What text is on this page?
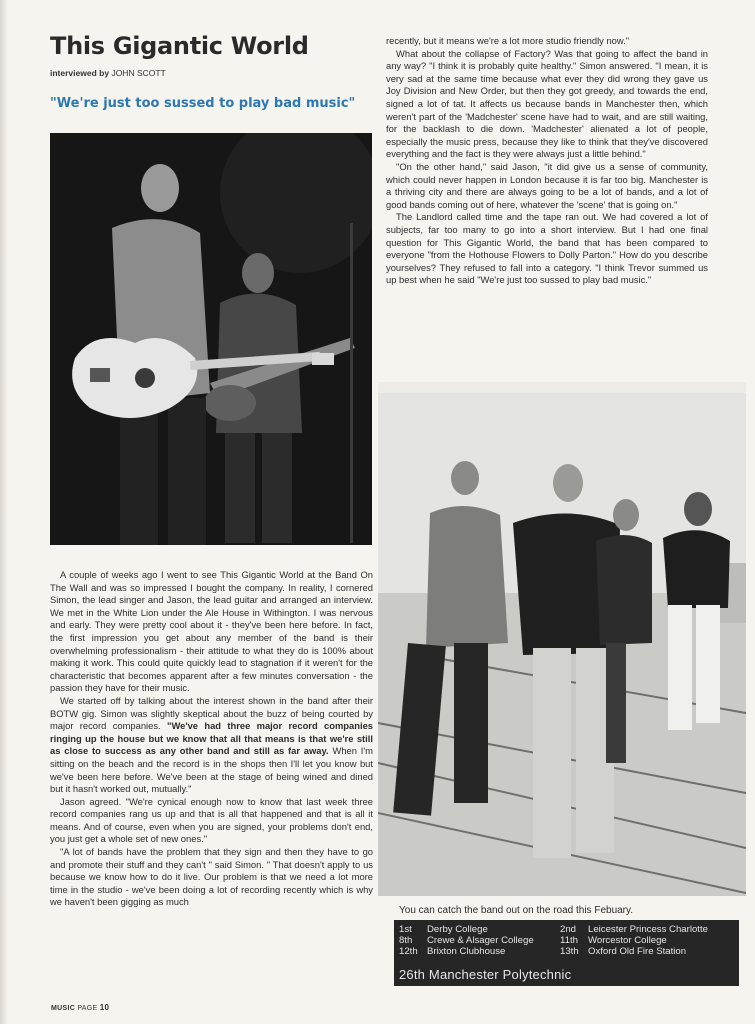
This Gigantic World
interviewed by JOHN SCOTT
"We're just too sussed to play bad music"

recently, but it means we're a lot more studio friendly now."

What about the collapse of Factory? Was that going to affect the band in any way? "I think it is probably quite healthy." Simon answered. "I mean, it is very sad at the same time because what ever they did wrong they gave us Joy Division and New Order, but then they got greedy, and towards the end, signed a lot of tat. It affects us because bands in Manchester then, which weren't part of the 'Madchester' scene have had to wait, and are still waiting, for the backlash to die down. 'Madchester' alienated a lot of people, especially the music press, because they like to think that they've discovered everything and the fact is they were always just a little behind."

"On the other hand," said Jason, "it did give us a sense of community, which could never happen in London because it is far too big. Manchester is a thriving city and there are always going to be a lot of bands, and a lot of good bands coming out of here, whatever the 'scene' that is going on."

The Landlord called time and the tape ran out. We had covered a lot of subjects, far too many to go into a short interview. But I had one final question for This Gigantic World, the band that has been compared to everyone "from the Hothouse Flowers to Dolly Parton." How do you describe yourselves? They refused to fall into a category. "I think Trevor summed us up best when he said "We're just too sussed to play bad music."

A couple of weeks ago I went to see This Gigantic World at the Band On The Wall and was so impressed I bought the company. In reality, I cornered Simon, the lead singer and Jason, the lead guitar and arranged an interview. We met in the White Lion under the Ale House in Withington. I was nervous and early. They were pretty cool about it - they've been here before. In fact, the first impression you get about any member of the band is their overwhelming professionalism - their attitude to what they do is 100% about making it work. This could quite quickly lead to stagnation if it weren't for the characteristic that becomes apparent after a few minutes conversation - the passion they have for their music.

We started off by talking about the interest shown in the band after their BOTW gig. Simon was slightly skeptical about the buzz of being courted by major record companies. "We've had three major record companies ringing up the house but we know that all that means is that we're still as close to success as any other band and still as far away. When I'm sitting on the beach and the record is in the shops then I'll let you know but we've been here before. We've been at the stage of being wined and dined but it hasn't worked out, mutually."

Jason agreed. "We're cynical enough now to know that last week three record companies rang us up and that is all that happened and that is all it means. And of course, even when you are signed, your problems don't end, you just get a whole set of new ones."

"A lot of bands have the problem that they sign and then they have to go and promote their stuff and they can't " said Simon. " That doesn't apply to us because we know how to do it live. Our problem is that we need a lot more time in the studio - we've been doing a lot of recording recently which is why we haven't been gigging as much

You can catch the band out on the road this Febuary.
1st Derby College
8th Crewe & Alsager College
12th Brixton Clubhouse
2nd Leicester Princess Charlotte
11th Worcestor College
13th Oxford Old Fire Station
26th Manchester Polytechnic
MUSIC PAGE 10
